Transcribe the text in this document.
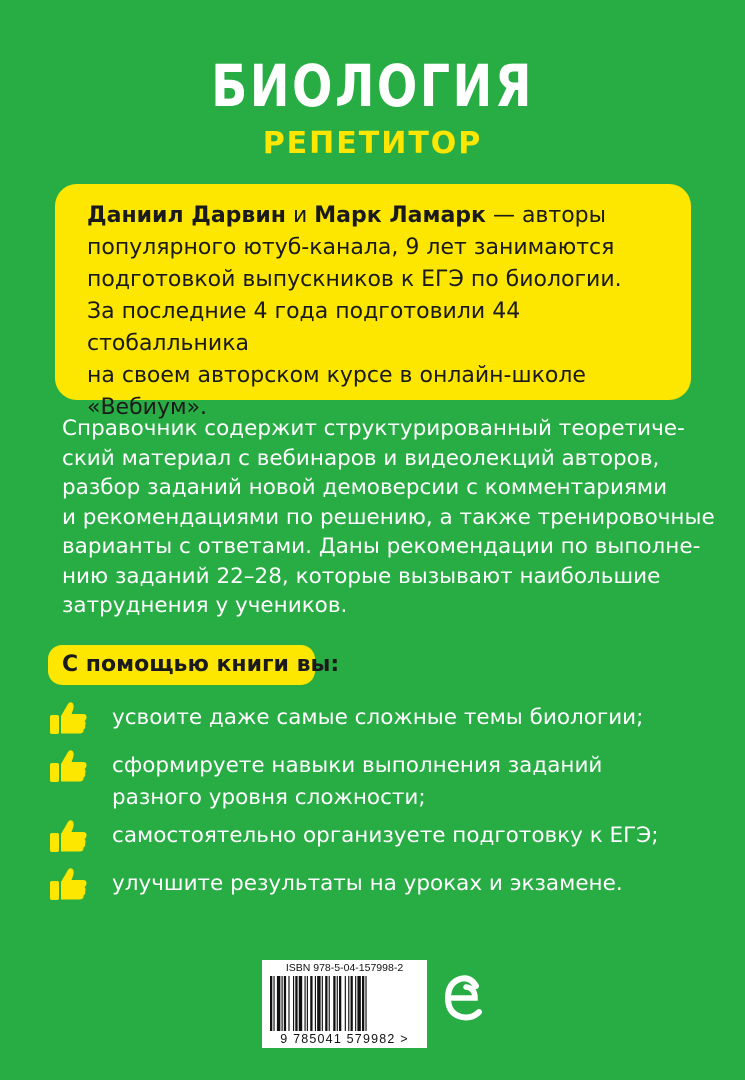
БИОЛОГИЯ
РЕПЕТИТОР
Даниил Дарвин и Марк Ламарк — авторы
популярного ютуб-канала, 9 лет занимаются
подготовкой выпускников к ЕГЭ по биологии.
За последние 4 года подготовили 44 стобалльника
на своем авторском курсе в онлайн-школе
«Вебиум».
Справочник содержит структурированный теоретиче-
ский материал с вебинаров и видеолекций авторов,
разбор заданий новой демоверсии с комментариями
и рекомендациями по решению, а также тренировочные
варианты с ответами. Даны рекомендации по выполне-
нию заданий 22–28, которые вызывают наибольшие
затруднения у учеников.
С помощью книги вы:
усвоите даже самые сложные темы биологии;
сформируете навыки выполнения заданий
разного уровня сложности;
самостоятельно организуете подготовку к ЕГЭ;
улучшите результаты на уроках и экзамене.
ISBN 978-5-04-157998-2
9 785041 579982 >
